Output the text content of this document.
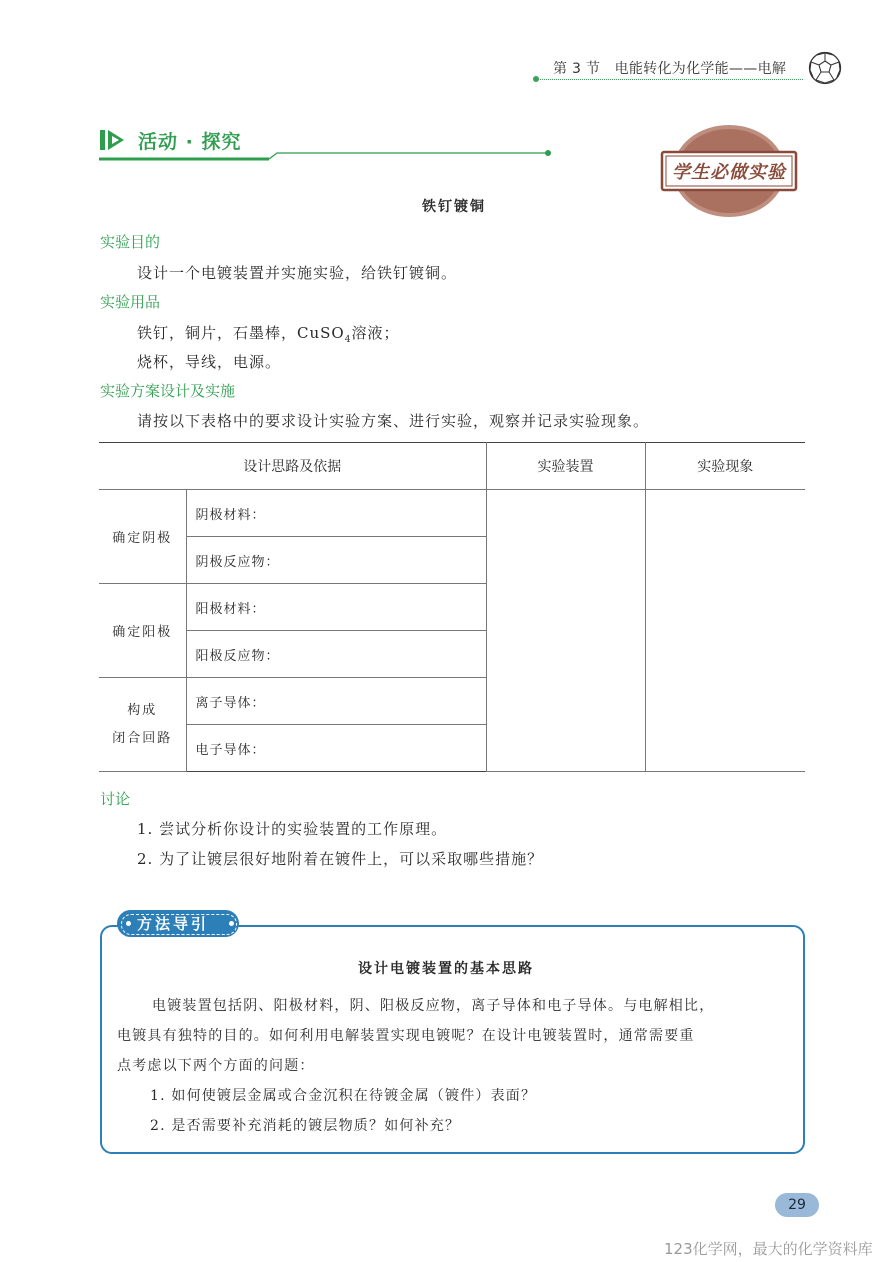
第 3 节 电能转化为化学能——电解
活动 · 探究
学生必做实验
铁钉镀铜
实验目的
设计一个电镀装置并实施实验，给铁钉镀铜。
实验用品
铁钉，铜片，石墨棒，CuSO$_4$溶液；
烧杯，导线，电源。
实验方案设计及实施
请按以下表格中的要求设计实验方案、进行实验，观察并记录实验现象。
设计思路及依据		实验装置	实验现象
确定阴极	阴极材料：		
	阴极反应物：		
确定阳极	阳极材料：		
	阳极反应物：		
构成
闭合回路	离子导体：		
	电子导体：		
讨论
1. 尝试分析你设计的实验装置的工作原理。
2. 为了让镀层很好地附着在镀件上，可以采取哪些措施？
方法导引
设计电镀装置的基本思路
电镀装置包括阴、阳极材料，阴、阳极反应物，离子导体和电子导体。与电解相比，
电镀具有独特的目的。如何利用电解装置实现电镀呢？在设计电镀装置时，通常需要重
点考虑以下两个方面的问题：
1. 如何使镀层金属或合金沉积在待镀金属（镀件）表面？
2. 是否需要补充消耗的镀层物质？如何补充？
29
123化学网，最大的化学资料库
